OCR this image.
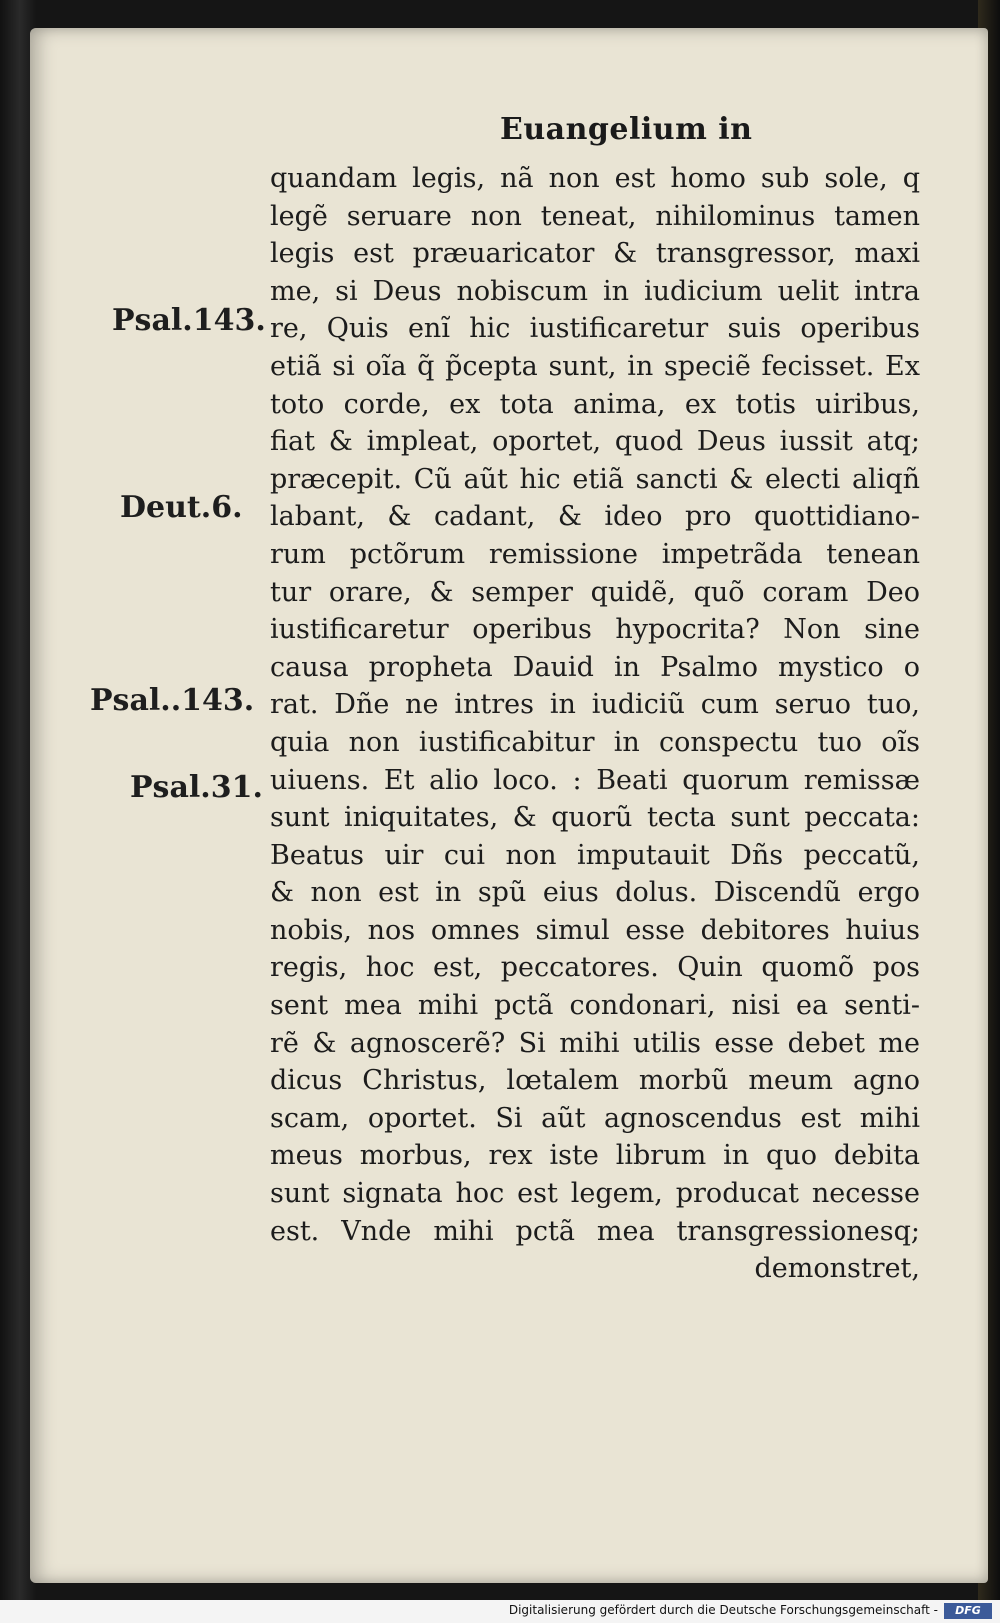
Euangelium in
Psal.143.
Deut.6.
Psal..143.
Psal.31.
quandam legis, nã non est homo sub sole, q
legẽ seruare non teneat, nihilominus tamen
legis est præuaricator & transgressor, maxi
me, si Deus nobiscum in iudicium uelit intra
re, Quis enĩ hic iustificaretur suis operibus
etiã si oĩa q̃ p̃cepta sunt, in speciẽ fecisset. Ex
toto corde, ex tota anima, ex totis uiribus,
fiat & impleat, oportet, quod Deus iussit atq;
præcepit. Cũ aũt hic etiã sancti & electi aliqñ
labant, & cadant, & ideo pro quottidiano-
rum pctõrum remissione impetrãda tenean
tur orare, & semper quidẽ, quõ coram Deo
iustificaretur operibus hypocrita? Non sine
causa propheta Dauid in Psalmo mystico o
rat. Dñe ne intres in iudiciũ cum seruo tuo,
quia non iustificabitur in conspectu tuo oĩs
uiuens. Et alio loco. : Beati quorum remissæ
sunt iniquitates, & quorũ tecta sunt peccata:
Beatus uir cui non imputauit Dñs peccatũ,
& non est in spũ eius dolus. Discendũ ergo
nobis, nos omnes simul esse debitores huius
regis, hoc est, peccatores. Quin quomõ pos
sent mea mihi pctã condonari, nisi ea senti-
rẽ & agnoscerẽ? Si mihi utilis esse debet me
dicus Christus, lœtalem morbũ meum agno
scam, oportet. Si aũt agnoscendus est mihi
meus morbus, rex iste librum in quo debita
sunt signata hoc est legem, producat necesse
est. Vnde mihi pctã mea transgressionesq;
demonstret,
Digitalisierung gefördert durch die Deutsche Forschungsgemeinschaft -	DFG
